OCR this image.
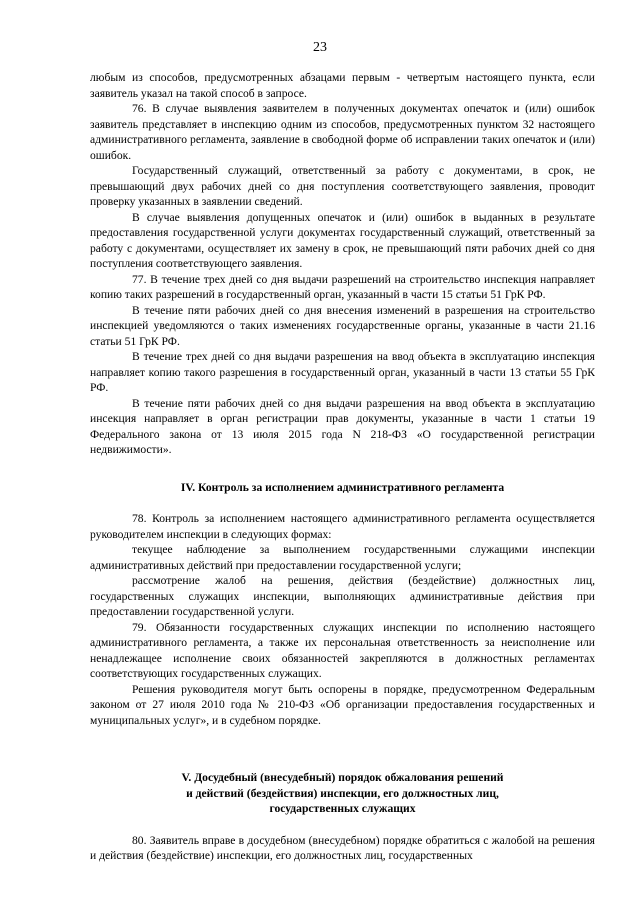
23

любым из способов, предусмотренных абзацами первым - четвертым настоящего пункта, если заявитель указал на такой способ в запросе.

76. В случае выявления заявителем в полученных документах опечаток и (или) ошибок заявитель представляет в инспекцию одним из способов, предусмотренных пунктом 32 настоящего административного регламента, заявление в свободной форме об исправлении таких опечаток и (или) ошибок.

Государственный служащий, ответственный за работу с документами, в срок, не превышающий двух рабочих дней со дня поступления соответствующего заявления, проводит проверку указанных в заявлении сведений.

В случае выявления допущенных опечаток и (или) ошибок в выданных в результате предоставления государственной услуги документах государственный служащий, ответственный за работу с документами, осуществляет их замену в срок, не превышающий пяти рабочих дней со дня поступления соответствующего заявления.

77. В течение трех дней со дня выдачи разрешений на строительство инспекция направляет копию таких разрешений в государственный орган, указанный в части 15 статьи 51 ГрК РФ.

В течение пяти рабочих дней со дня внесения изменений в разрешения на строительство инспекцией уведомляются о таких изменениях государственные органы, указанные в части 21.16 статьи 51 ГрК РФ.

В течение трех дней со дня выдачи разрешения на ввод объекта в эксплуатацию инспекция направляет копию такого разрешения в государственный орган, указанный в части 13 статьи 55 ГрК РФ.

В течение пяти рабочих дней со дня выдачи разрешения на ввод объекта в эксплуатацию инсекция направляет в орган регистрации прав документы, указанные в части 1 статьи 19 Федерального закона от 13 июля 2015 года N 218-ФЗ «О государственной регистрации недвижимости».

IV. Контроль за исполнением административного регламента

78. Контроль за исполнением настоящего административного регламента осуществляется руководителем инспекции в следующих формах:

текущее наблюдение за выполнением государственными служащими инспекции административных действий при предоставлении государственной услуги;

рассмотрение жалоб на решения, действия (бездействие) должностных лиц, государственных служащих инспекции, выполняющих административные действия при предоставлении государственной услуги.

79. Обязанности государственных служащих инспекции по исполнению настоящего административного регламента, а также их персональная ответственность за неисполнение или ненадлежащее исполнение своих обязанностей закрепляются в должностных регламентах соответствующих государственных служащих.

Решения руководителя могут быть оспорены в порядке, предусмотренном Федеральным законом от 27 июля 2010 года № 210-ФЗ «Об организации предоставления государственных и муниципальных услуг», и в судебном порядке.

V. Досудебный (внесудебный) порядок обжалования решений
и действий (бездействия) инспекции, его должностных лиц,
государственных служащих

80. Заявитель вправе в досудебном (внесудебном) порядке обратиться с жалобой на решения и действия (бездействие) инспекции, его должностных лиц, государственных
